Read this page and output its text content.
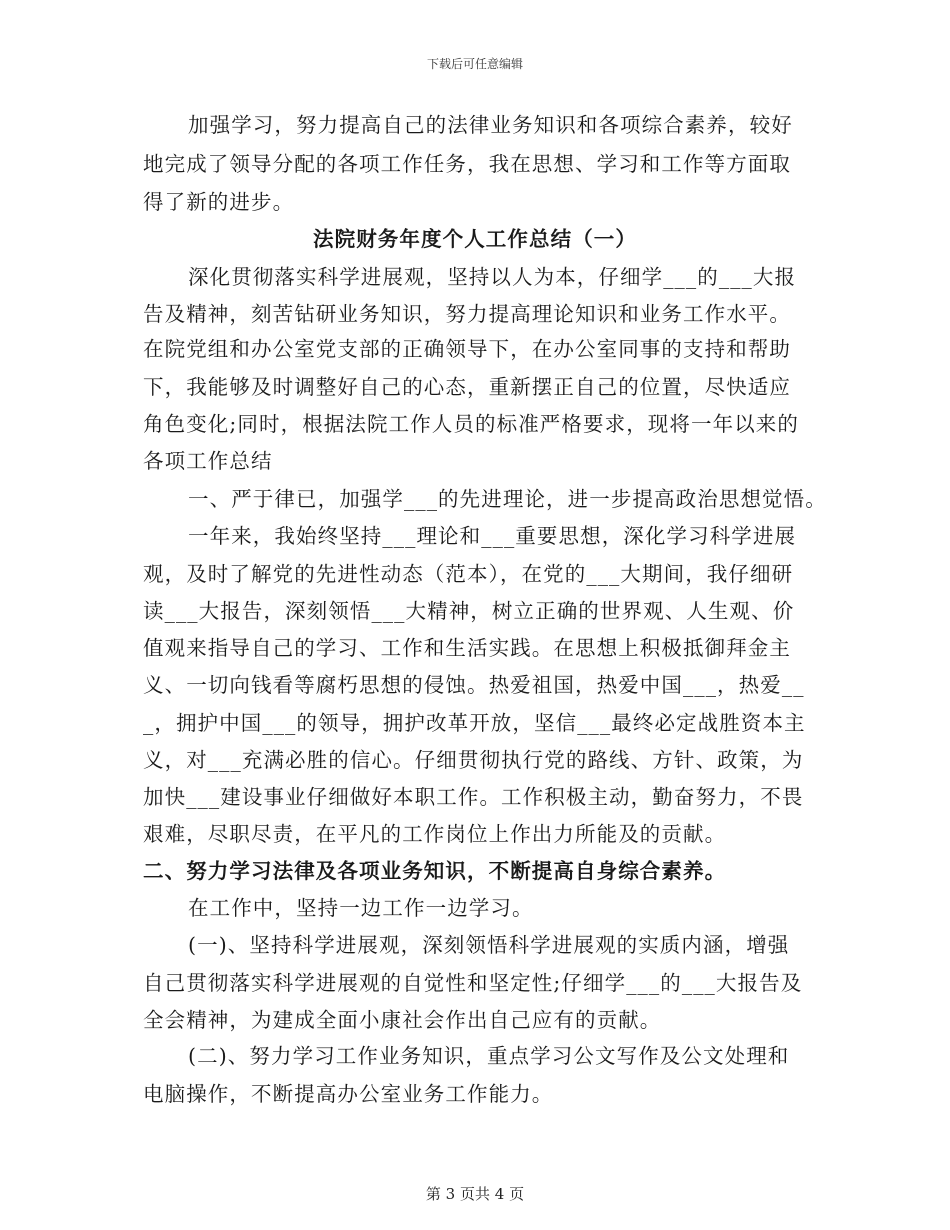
下载后可任意编辑
加强学习，努力提高自己的法律业务知识和各项综合素养，较好
地完成了领导分配的各项工作任务，我在思想、学习和工作等方面取
得了新的进步。
法院财务年度个人工作总结（一）
深化贯彻落实科学进展观，坚持以人为本，仔细学___的___大报
告及精神，刻苦钻研业务知识，努力提高理论知识和业务工作水平。
在院党组和办公室党支部的正确领导下，在办公室同事的支持和帮助
下，我能够及时调整好自己的心态，重新摆正自己的位置，尽快适应
角色变化;同时，根据法院工作人员的标准严格要求，现将一年以来的
各项工作总结
一、严于律已，加强学___的先进理论，进一步提高政治思想觉悟。
一年来，我始终坚持___理论和___重要思想，深化学习科学进展
观，及时了解党的先进性动态（范本），在党的___大期间，我仔细研
读___大报告，深刻领悟___大精神，树立正确的世界观、人生观、价
值观来指导自己的学习、工作和生活实践。在思想上积极抵御拜金主
义、一切向钱看等腐朽思想的侵蚀。热爱祖国，热爱中国___，热爱__
_，拥护中国___的领导，拥护改革开放，坚信___最终必定战胜资本主
义，对___充满必胜的信心。仔细贯彻执行党的路线、方针、政策，为
加快___建设事业仔细做好本职工作。工作积极主动，勤奋努力，不畏
艰难，尽职尽责，在平凡的工作岗位上作出力所能及的贡献。
二、努力学习法律及各项业务知识，不断提高自身综合素养。
在工作中，坚持一边工作一边学习。
(一)、坚持科学进展观，深刻领悟科学进展观的实质内涵，增强
自己贯彻落实科学进展观的自觉性和坚定性;仔细学___的___大报告及
全会精神，为建成全面小康社会作出自己应有的贡献。
(二)、努力学习工作业务知识，重点学习公文写作及公文处理和
电脑操作，不断提高办公室业务工作能力。
第 3 页共 4 页
